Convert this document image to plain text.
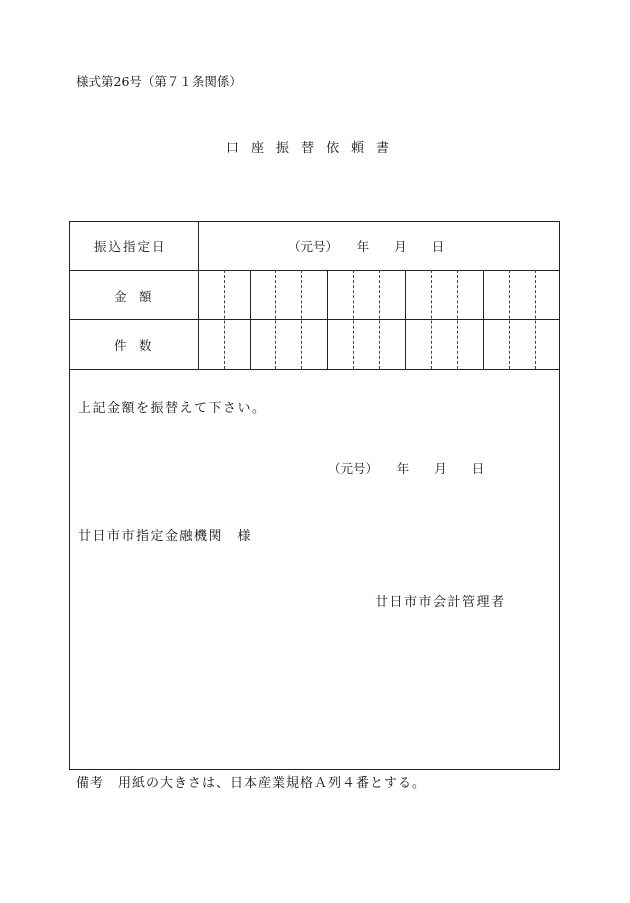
様式第26号（第７１条関係）
口座振替依頼書
振込指定日	（元号）　　年　　月　　日
金　額
件　数
上記金額を振替えて下さい。
（元号）　　年　　月　　日
廿日市市指定金融機関　様
廿日市市会計管理者
備考　用紙の大きさは、日本産業規格Ａ列４番とする。
